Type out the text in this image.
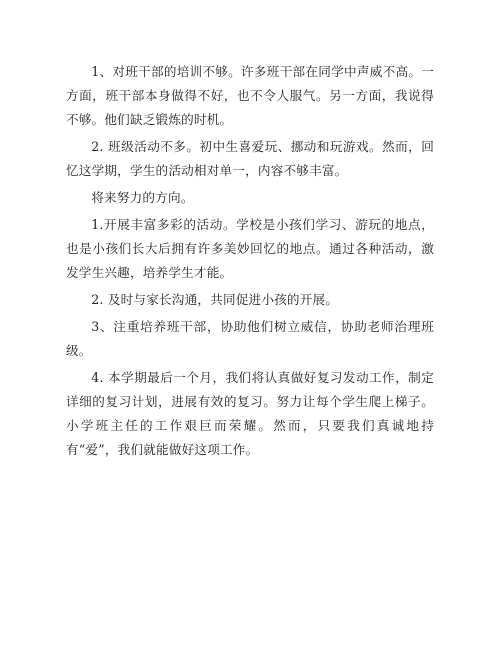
1、对班干部的培训不够。许多班干部在同学中声威不高。一方面，班干部本身做得不好，也不令人服气。另一方面，我说得不够。他们缺乏锻炼的时机。

2. 班级活动不多。初中生喜爱玩、挪动和玩游戏。然而，回忆这学期，学生的活动相对单一，内容不够丰富。

将来努力的方向。

1.开展丰富多彩的活动。学校是小孩们学习、游玩的地点，也是小孩们长大后拥有许多美妙回忆的地点。通过各种活动，激发学生兴趣，培养学生才能。

2. 及时与家长沟通，共同促进小孩的开展。

3、注重培养班干部，协助他们树立威信，协助老师治理班级。

4. 本学期最后一个月，我们将认真做好复习发动工作，制定详细的复习计划，进展有效的复习。努力让每个学生爬上梯子。小学班主任的工作艰巨而荣耀。然而，只要我们真诚地持有“爱”，我们就能做好这项工作。
